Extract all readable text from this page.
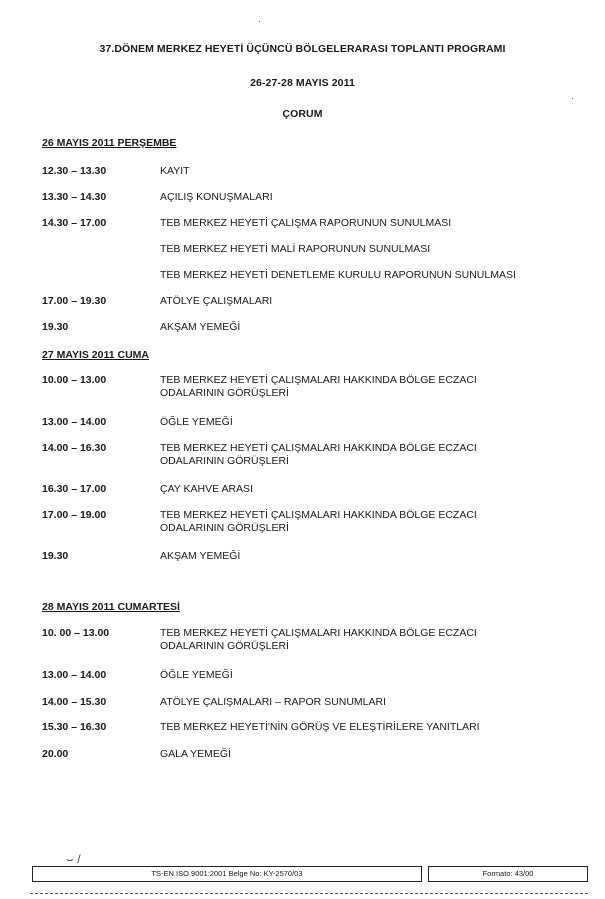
37.DÖNEM MERKEZ HEYETİ ÜÇÜNCÜ BÖLGELERARASI TOPLANTI PROGRAMI
26-27-28 MAYIS 2011
ÇORUM
26 MAYIS 2011 PERŞEMBE
12.30 – 13.30	KAYIT
13.30 – 14.30	AÇILIŞ KONUŞMALARI
14.30 – 17.00	TEB MERKEZ HEYETİ ÇALIŞMA RAPORUNUN SUNULMASI
TEB MERKEZ HEYETİ MALİ RAPORUNUN SUNULMASI
TEB MERKEZ HEYETİ DENETLEME KURULU RAPORUNUN SUNULMASI
17.00 – 19.30	ATÖLYE ÇALIŞMALARI
19.30	AKŞAM YEMEĞİ
27 MAYIS 2011 CUMA
10.00 – 13.00	TEB MERKEZ HEYETİ ÇALIŞMALARI HAKKINDA BÖLGE ECZACI ODALARININ GÖRÜŞLERİ
13.00 – 14.00	ÖĞLE YEMEĞİ
14.00 – 16.30	TEB MERKEZ HEYETİ ÇALIŞMALARI HAKKINDA BÖLGE ECZACI ODALARININ GÖRÜŞLERİ
16.30 – 17.00	ÇAY KAHVE ARASI
17.00 – 19.00	TEB MERKEZ HEYETİ ÇALIŞMALARI HAKKINDA BÖLGE ECZACI ODALARININ GÖRÜŞLERİ
19.30	AKŞAM YEMEĞİ
28 MAYIS 2011 CUMARTESİ
10. 00 – 13.00	TEB MERKEZ HEYETİ ÇALIŞMALARI HAKKINDA BÖLGE ECZACI ODALARININ GÖRÜŞLERİ
13.00 – 14.00	ÖĞLE YEMEĞİ
14.00 – 15.30	ATÖLYE ÇALIŞMALARI – RAPOR SUNUMLARI
15.30 – 16.30	TEB MERKEZ HEYETİ'NİN GÖRÜŞ VE ELEŞTİRİLERE YANITLARI
20.00	GALA YEMEĞİ
·
·
⌣ /
TS-EN ISO 9001:2001 Belge No: KY-2570/03	Formato: 43/00
